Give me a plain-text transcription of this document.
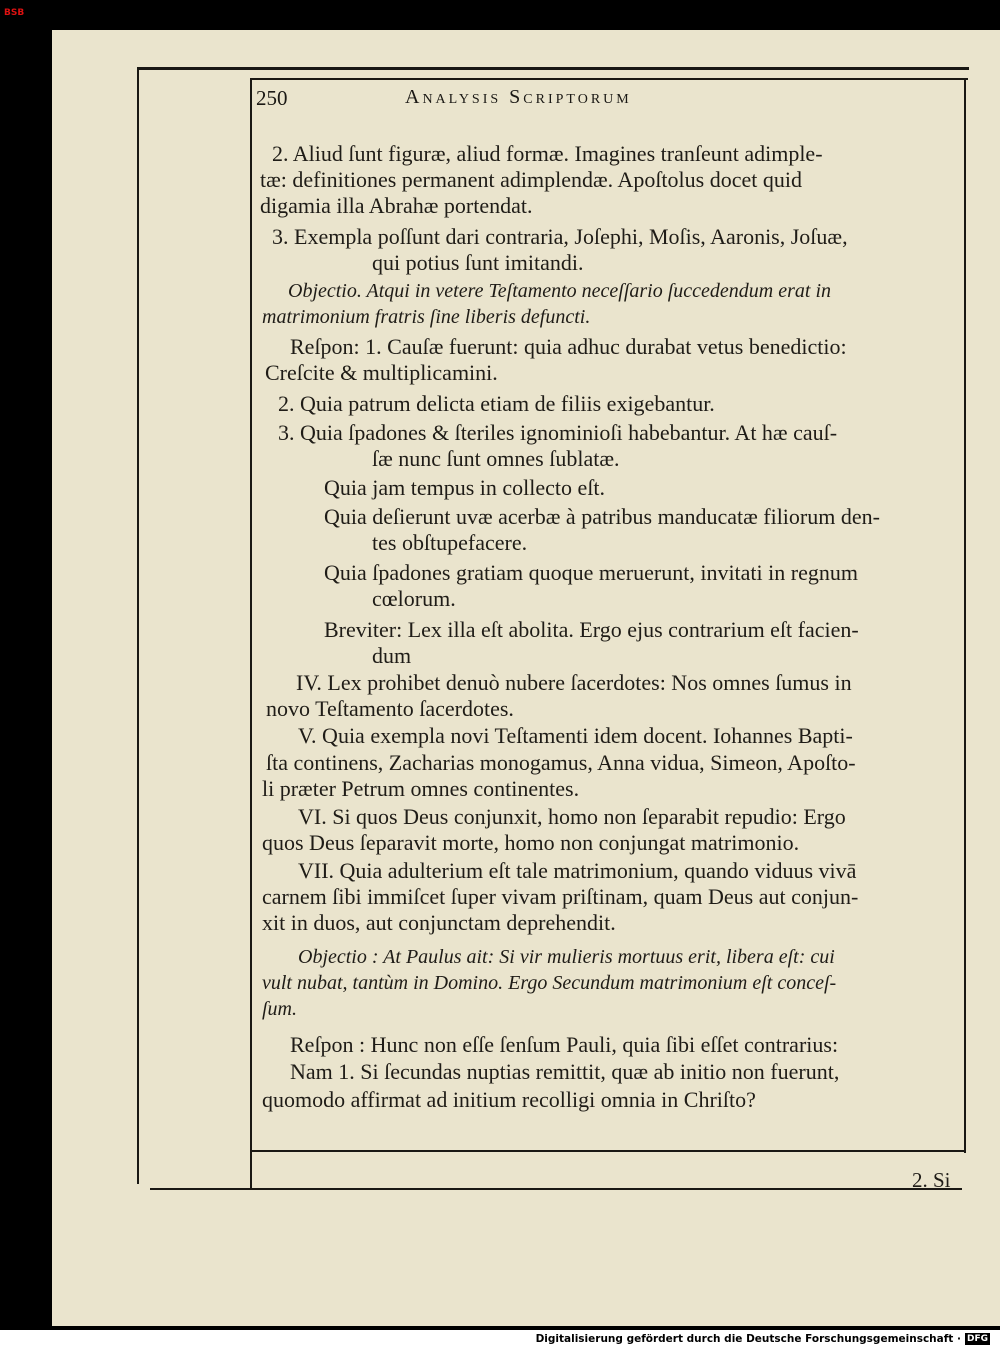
BSB
250	Analysis Scriptorum
2. Aliud ſunt figuræ, aliud formæ. Imagines tranſeunt adimple-
tæ: definitiones permanent adimplendæ. Apoſtolus docet quid
digamia illa Abrahæ portendat.
3. Exempla poſſunt dari contraria, Joſephi, Moſis, Aaronis, Joſuæ,
qui potius ſunt imitandi.
Objectio. Atqui in vetere Teſtamento neceſſario ſuccedendum erat in
matrimonium fratris ſine liberis defuncti.
Reſpon: 1. Cauſæ fuerunt: quia adhuc durabat vetus benedictio:
Creſcite & multiplicamini.
2. Quia patrum delicta etiam de filiis exigebantur.
3. Quia ſpadones & ſteriles ignominioſi habebantur. At hæ cauſ-
ſæ nunc ſunt omnes ſublatæ.
Quia jam tempus in collecto eſt.
Quia deſierunt uvæ acerbæ à patribus manducatæ filiorum den-
tes obſtupefacere.
Quia ſpadones gratiam quoque meruerunt, invitati in regnum
cœlorum.
Breviter: Lex illa eſt abolita. Ergo ejus contrarium eſt facien-
dum
IV. Lex prohibet denuò nubere ſacerdotes: Nos omnes ſumus in
novo Teſtamento ſacerdotes.
V. Quia exempla novi Teſtamenti idem docent. Iohannes Bapti-
ſta continens, Zacharias monogamus, Anna vidua, Simeon, Apoſto-
li præter Petrum omnes continentes.
VI. Si quos Deus conjunxit, homo non ſeparabit repudio: Ergo
quos Deus ſeparavit morte, homo non conjungat matrimonio.
VII. Quia adulterium eſt tale matrimonium, quando viduus vivā
carnem ſibi immiſcet ſuper vivam priſtinam, quam Deus aut conjun-
xit in duos, aut conjunctam deprehendit.
Objectio : At Paulus ait: Si vir mulieris mortuus erit, libera eſt: cui
vult nubat, tantùm in Domino. Ergo Secundum matrimonium eſt conceſ-
ſum.
Reſpon : Hunc non eſſe ſenſum Pauli, quia ſibi eſſet contrarius:
Nam 1. Si ſecundas nuptias remittit, quæ ab initio non fuerunt,
quomodo affirmat ad initium recolligi omnia in Chriſto?
2. Si
Digitalisierung gefördert durch die Deutsche Forschungsgemeinschaft · DFG
